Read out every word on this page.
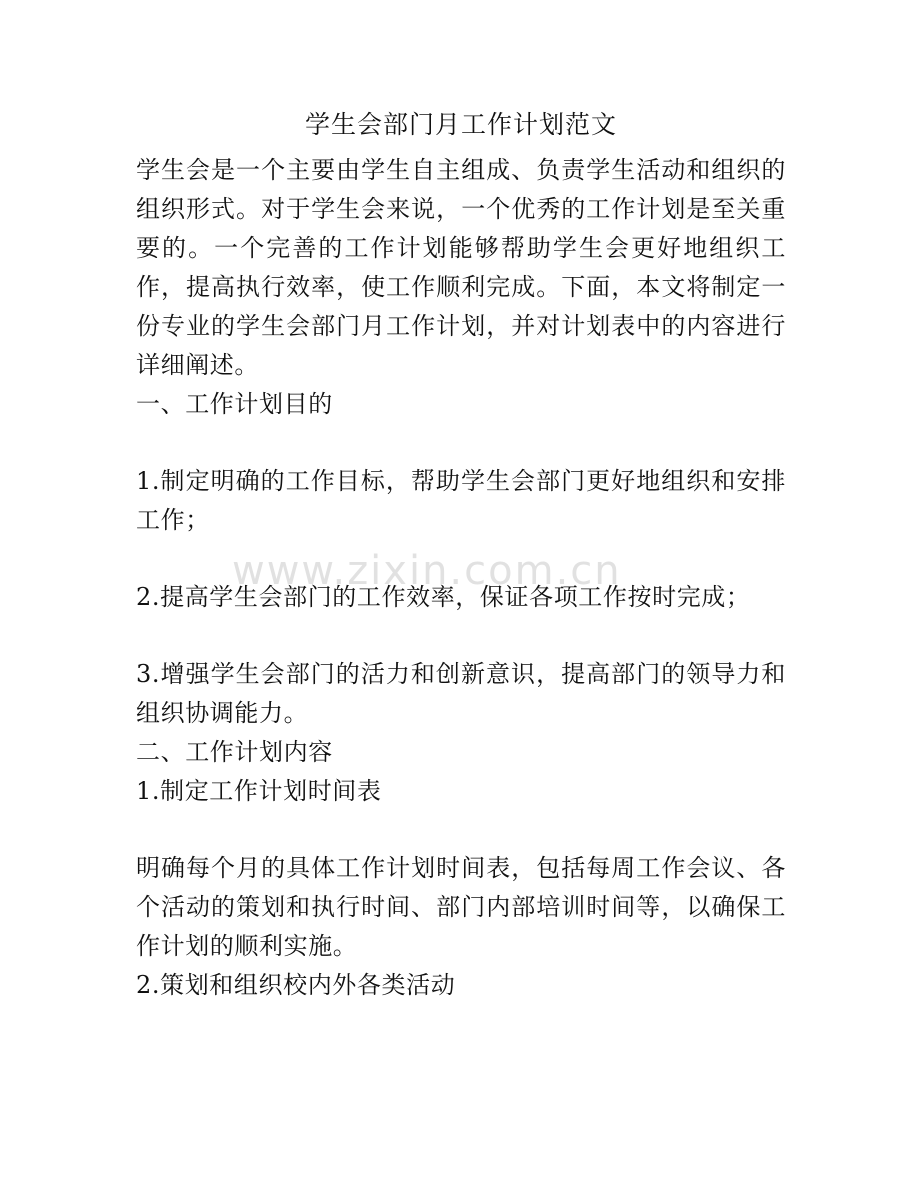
学生会部门月工作计划范文

学生会是一个主要由学生自主组成、负责学生活动和组织的组织形式。对于学生会来说，一个优秀的工作计划是至关重要的。一个完善的工作计划能够帮助学生会更好地组织工作，提高执行效率，使工作顺利完成。下面，本文将制定一份专业的学生会部门月工作计划，并对计划表中的内容进行详细阐述。

一、工作计划目的

1.制定明确的工作目标，帮助学生会部门更好地组织和安排工作；

2.提高学生会部门的工作效率，保证各项工作按时完成；

3.增强学生会部门的活力和创新意识，提高部门的领导力和组织协调能力。

二、工作计划内容

1.制定工作计划时间表

明确每个月的具体工作计划时间表，包括每周工作会议、各个活动的策划和执行时间、部门内部培训时间等，以确保工作计划的顺利实施。

2.策划和组织校内外各类活动

www.zixin.com.cn
